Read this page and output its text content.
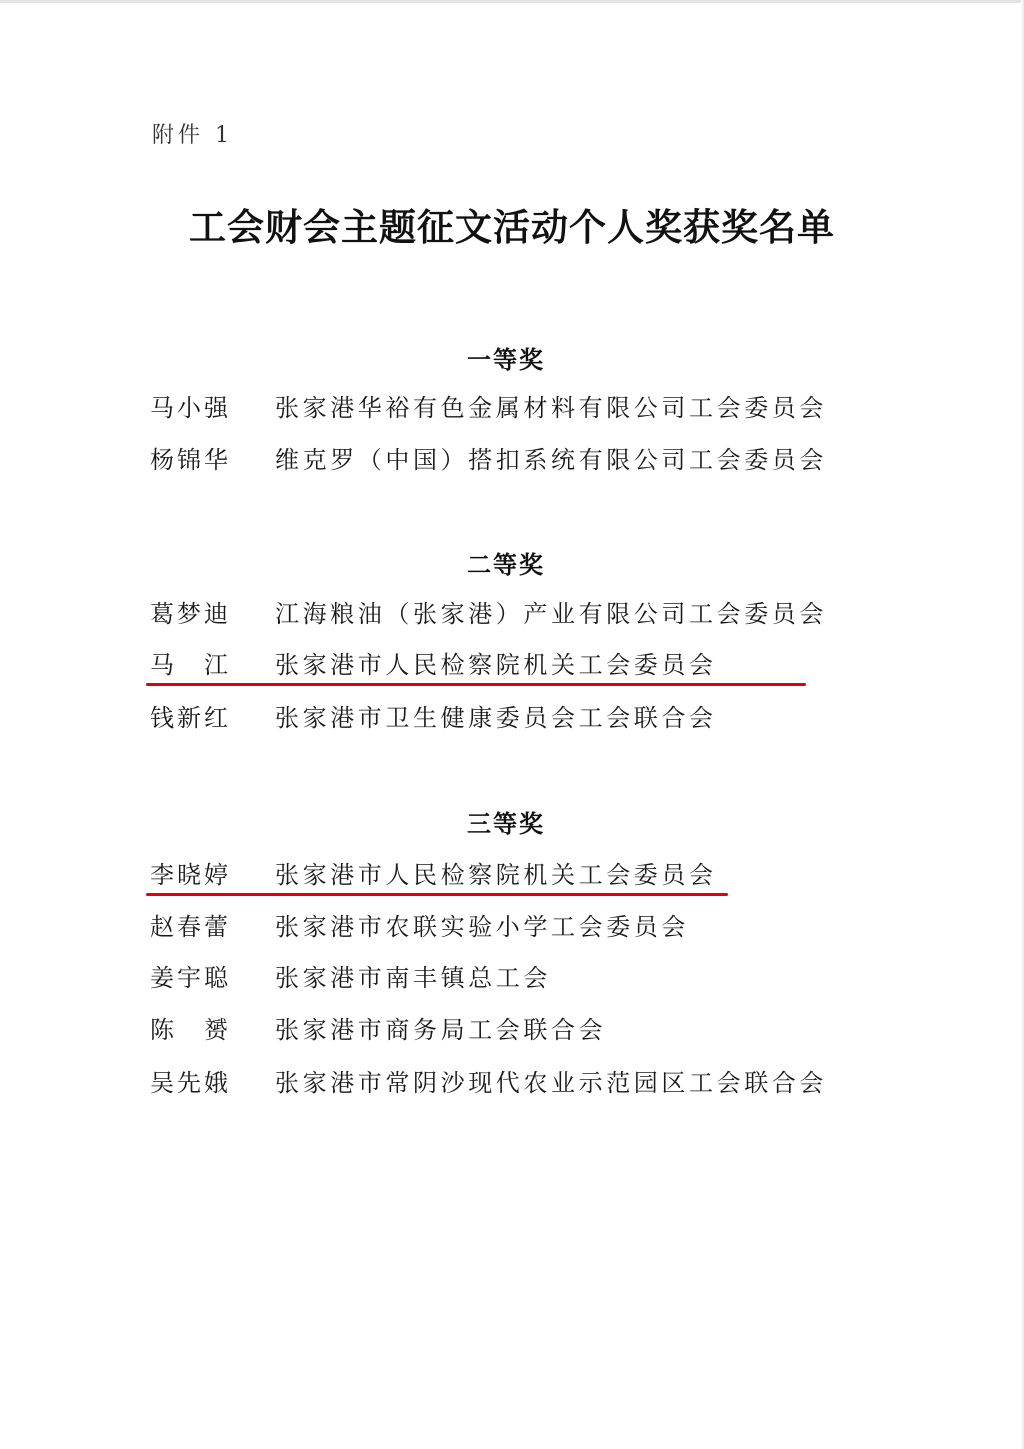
附件 1
工会财会主题征文活动个人奖获奖名单
一等奖
马小强	张家港华裕有色金属材料有限公司工会委员会
杨锦华	维克罗（中国）搭扣系统有限公司工会委员会
二等奖
葛梦迪	江海粮油（张家港）产业有限公司工会委员会
马　江	张家港市人民检察院机关工会委员会
钱新红	张家港市卫生健康委员会工会联合会
三等奖
李晓婷	张家港市人民检察院机关工会委员会
赵春蕾	张家港市农联实验小学工会委员会
姜宇聪	张家港市南丰镇总工会
陈　赟	张家港市商务局工会联合会
吴先娥	张家港市常阴沙现代农业示范园区工会联合会
